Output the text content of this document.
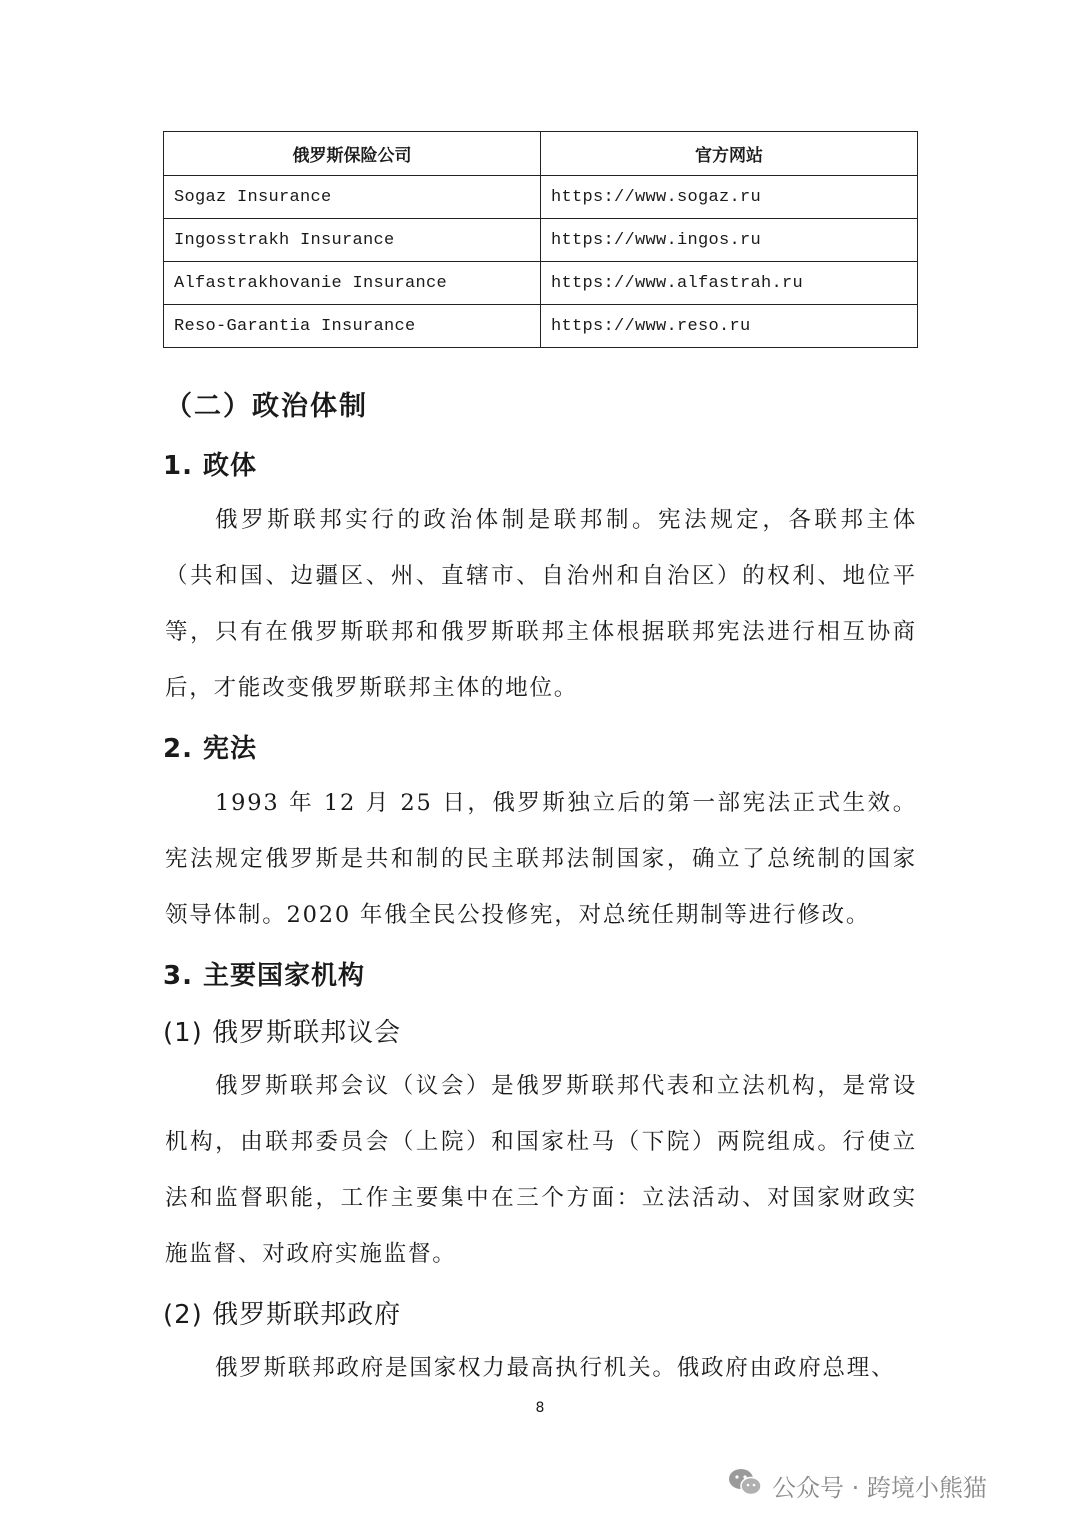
俄罗斯保险公司	官方网站
Sogaz Insurance	https://www.sogaz.ru
Ingosstrakh Insurance	https://www.ingos.ru
Alfastrakhovanie Insurance	https://www.alfastrah.ru
Reso-Garantia Insurance	https://www.reso.ru
（二）政治体制
1. 政体

俄罗斯联邦实行的政治体制是联邦制。宪法规定，各联邦主体（共和国、边疆区、州、直辖市、自治州和自治区）的权利、地位平等，只有在俄罗斯联邦和俄罗斯联邦主体根据联邦宪法进行相互协商后，才能改变俄罗斯联邦主体的地位。

2. 宪法

1993 年 12 月 25 日，俄罗斯独立后的第一部宪法正式生效。宪法规定俄罗斯是共和制的民主联邦法制国家，确立了总统制的国家领导体制。2020 年俄全民公投修宪，对总统任期制等进行修改。

3. 主要国家机构
(1) 俄罗斯联邦议会

俄罗斯联邦会议（议会）是俄罗斯联邦代表和立法机构，是常设机构，由联邦委员会（上院）和国家杜马（下院）两院组成。行使立法和监督职能，工作主要集中在三个方面：立法活动、对国家财政实施监督、对政府实施监督。

(2) 俄罗斯联邦政府

俄罗斯联邦政府是国家权力最高执行机关。俄政府由政府总理、

8
公众号 · 跨境小熊猫
